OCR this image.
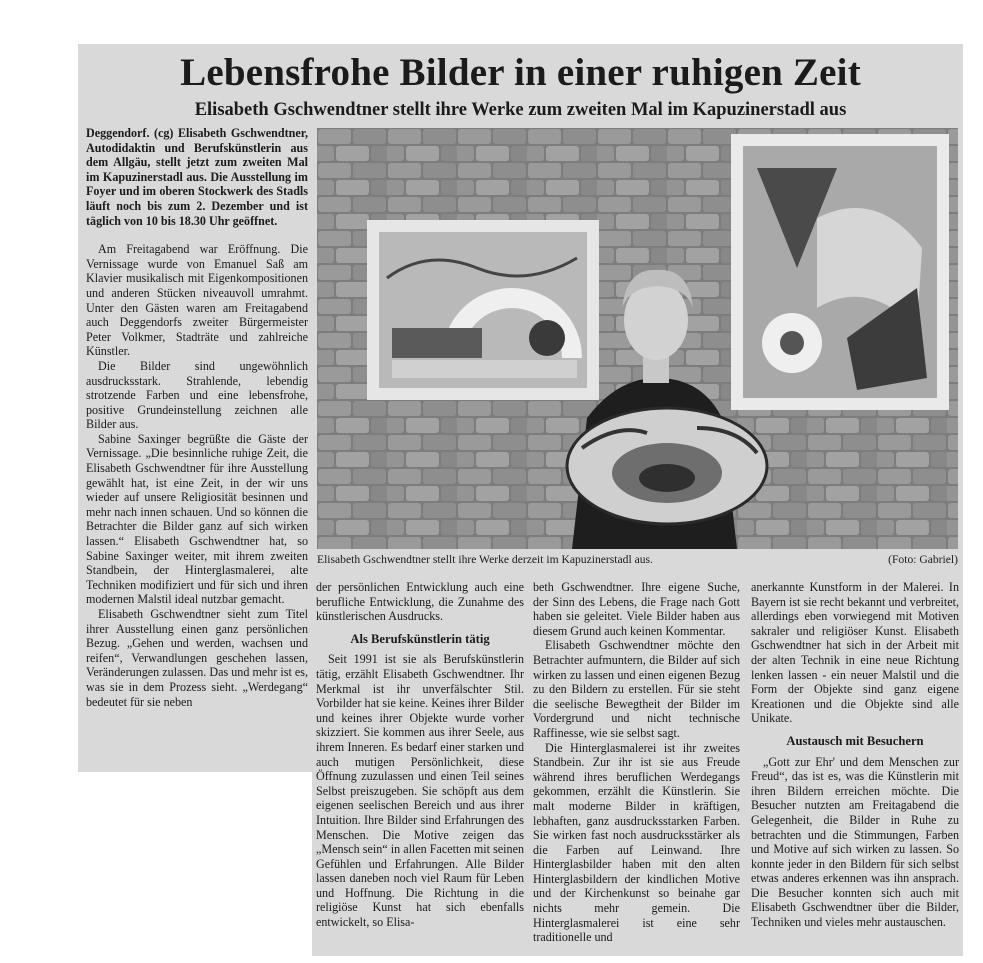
Lebensfrohe Bilder in einer ruhigen Zeit
Elisabeth Gschwendtner stellt ihre Werke zum zweiten Mal im Kapuzinerstadl aus

Deggendorf. (cg) Elisabeth Gschwendtner, Autodidaktin und Berufskünstlerin aus dem Allgäu, stellt jetzt zum zweiten Mal im Kapuzinerstadl aus. Die Ausstellung im Foyer und im oberen Stockwerk des Stadls läuft noch bis zum 2. Dezember und ist täglich von 10 bis 18.30 Uhr geöffnet.

Am Freitagabend war Eröffnung. Die Vernissage wurde von Emanuel Saß am Klavier musikalisch mit Eigenkompositionen und anderen Stücken niveauvoll umrahmt. Unter den Gästen waren am Freitagabend auch Deggendorfs zweiter Bürgermeister Peter Volkmer, Stadträte und zahlreiche Künstler.

Die Bilder sind ungewöhnlich ausdrucksstark. Strahlende, lebendig strotzende Farben und eine lebensfrohe, positive Grundeinstellung zeichnen alle Bilder aus.

Sabine Saxinger begrüßte die Gäste der Vernissage. „Die besinnliche ruhige Zeit, die Elisabeth Gschwendtner für ihre Ausstellung gewählt hat, ist eine Zeit, in der wir uns wieder auf unsere Religiosität besinnen und mehr nach innen schauen. Und so können die Betrachter die Bilder ganz auf sich wirken lassen.“ Elisabeth Gschwendtner hat, so Sabine Saxinger weiter, mit ihrem zweiten Standbein, der Hinterglasmalerei, alte Techniken modifiziert und für sich und ihren modernen Malstil ideal nutzbar gemacht.

Elisabeth Gschwendtner sieht zum Titel ihrer Ausstellung einen ganz persönlichen Bezug. „Gehen und werden, wachsen und reifen“, Verwandlungen geschehen lassen, Veränderungen zulassen. Das und mehr ist es, was sie in dem Prozess sieht. „Werdegang“ bedeutet für sie neben

Elisabeth Gschwendtner stellt ihre Werke derzeit im Kapuzinerstadl aus.	(Foto: Gabriel)

der persönlichen Entwicklung auch eine berufliche Entwicklung, die Zunahme des künstlerischen Ausdrucks.

Als Berufskünstlerin tätig

Seit 1991 ist sie als Berufskünstlerin tätig, erzählt Elisabeth Gschwendtner. Ihr Merkmal ist ihr unverfälschter Stil. Vorbilder hat sie keine. Keines ihrer Bilder und keines ihrer Objekte wurde vorher skizziert. Sie kommen aus ihrer Seele, aus ihrem Inneren. Es bedarf einer starken und auch mutigen Persönlichkeit, diese Öffnung zuzulassen und einen Teil seines Selbst preiszugeben. Sie schöpft aus dem eigenen seelischen Bereich und aus ihrer Intuition. Ihre Bilder sind Erfahrungen des Menschen. Die Motive zeigen das „Mensch sein“ in allen Facetten mit seinen Gefühlen und Erfahrungen. Alle Bilder lassen daneben noch viel Raum für Leben und Hoffnung. Die Richtung in die religiöse Kunst hat sich ebenfalls entwickelt, so Elisa-

beth Gschwendtner. Ihre eigene Suche, der Sinn des Lebens, die Frage nach Gott haben sie geleitet. Viele Bilder haben aus diesem Grund auch keinen Kommentar.

Elisabeth Gschwendtner möchte den Betrachter aufmuntern, die Bilder auf sich wirken zu lassen und einen eigenen Bezug zu den Bildern zu erstellen. Für sie steht die seelische Bewegtheit der Bilder im Vordergrund und nicht technische Raffinesse, wie sie selbst sagt.

Die Hinterglasmalerei ist ihr zweites Standbein. Zur ihr ist sie aus Freude während ihres beruflichen Werdegangs gekommen, erzählt die Künstlerin. Sie malt moderne Bilder in kräftigen, lebhaften, ganz ausdrucksstarken Farben. Sie wirken fast noch ausdrucksstärker als die Farben auf Leinwand. Ihre Hinterglasbilder haben mit den alten Hinterglasbildern der kindlichen Motive und der Kirchenkunst so beinahe gar nichts mehr gemein. Die Hinterglasmalerei ist eine sehr traditionelle und

anerkannte Kunstform in der Malerei. In Bayern ist sie recht bekannt und verbreitet, allerdings eben vorwiegend mit Motiven sakraler und religiöser Kunst. Elisabeth Gschwendtner hat sich in der Arbeit mit der alten Technik in eine neue Richtung lenken lassen - ein neuer Malstil und die Form der Objekte sind ganz eigene Kreationen und die Objekte sind alle Unikate.

Austausch mit Besuchern

„Gott zur Ehr' und dem Menschen zur Freud“, das ist es, was die Künstlerin mit ihren Bildern erreichen möchte. Die Besucher nutzten am Freitagabend die Gelegenheit, die Bilder in Ruhe zu betrachten und die Stimmungen, Farben und Motive auf sich wirken zu lassen. So konnte jeder in den Bildern für sich selbst etwas anderes erkennen was ihn ansprach. Die Besucher konnten sich auch mit Elisabeth Gschwendtner über die Bilder, Techniken und vieles mehr austauschen.
